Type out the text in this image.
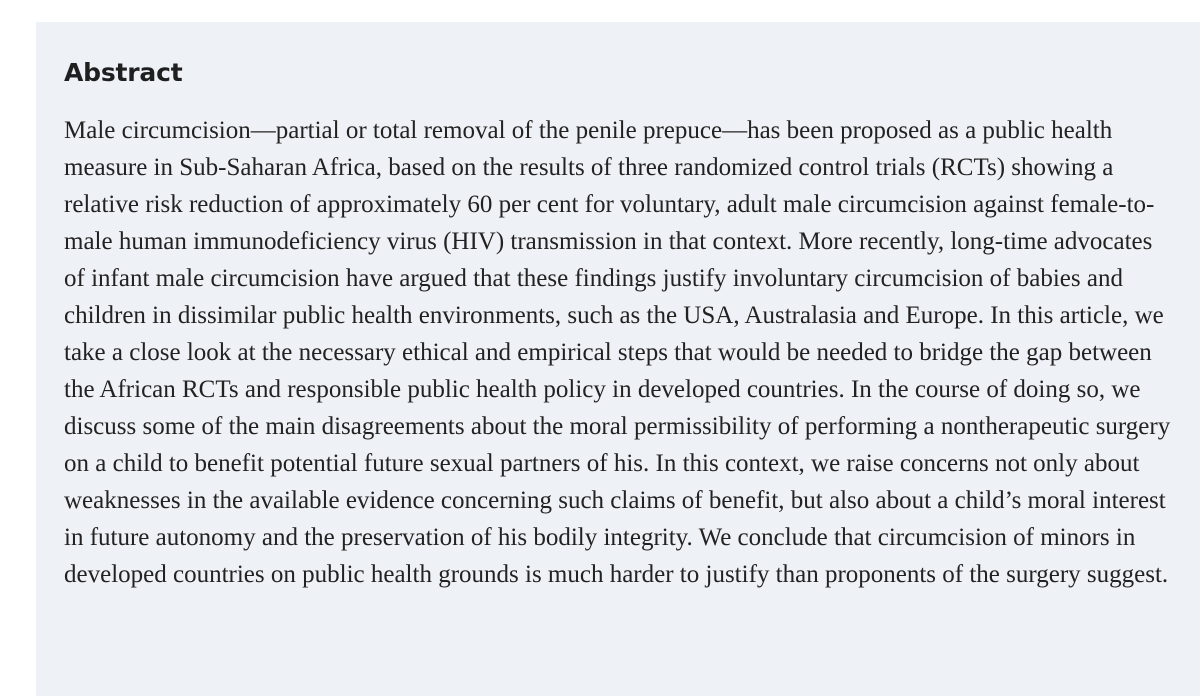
Abstract

Male circumcision—partial or total removal of the penile prepuce—has been proposed as a public health measure in Sub-Saharan Africa, based on the results of three randomized control trials (RCTs) showing a relative risk reduction of approximately 60 per cent for voluntary, adult male circumcision against female-to-male human immunodeficiency virus (HIV) transmission in that context. More recently, long-time advocates of infant male circumcision have argued that these findings justify involuntary circumcision of babies and children in dissimilar public health environments, such as the USA, Australasia and Europe. In this article, we take a close look at the necessary ethical and empirical steps that would be needed to bridge the gap between the African RCTs and responsible public health policy in developed countries. In the course of doing so, we discuss some of the main disagreements about the moral permissibility of performing a nontherapeutic surgery on a child to benefit potential future sexual partners of his. In this context, we raise concerns not only about weaknesses in the available evidence concerning such claims of benefit, but also about a child’s moral interest in future autonomy and the preservation of his bodily integrity. We conclude that circumcision of minors in developed countries on public health grounds is much harder to justify than proponents of the surgery suggest.
